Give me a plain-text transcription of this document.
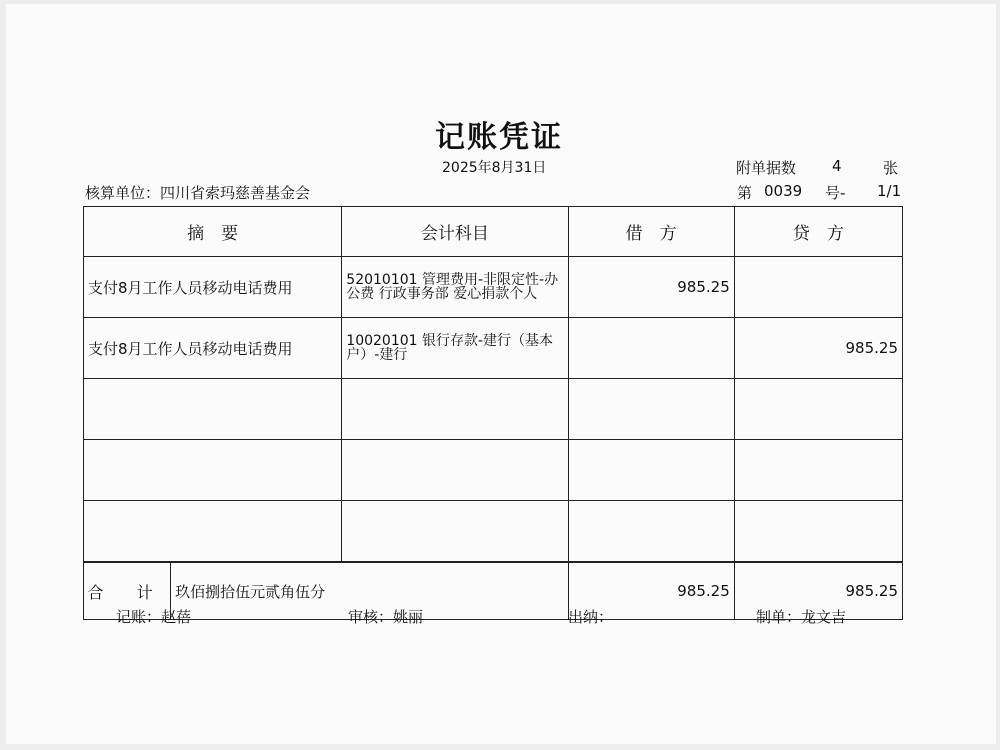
记账凭证
2025年8月31日	附单据数 4	张
核算单位：四川省索玛慈善基金会	第 0039 号- 1/1
摘　要		会计科目	借　方	贷　方
支付8月工作人员移动电话费用		52010101 管理费用-非限定性-办公费 行政事务部 爱心捐款个人	985.25	
支付8月工作人员移动电话费用		10020101 银行存款-建行（基本户）-建行		985.25

合 计	玖佰捌拾伍元贰角伍分		985.25	985.25
记账：赵蓓	审核：姚丽	出纳：	制单：龙文吉
